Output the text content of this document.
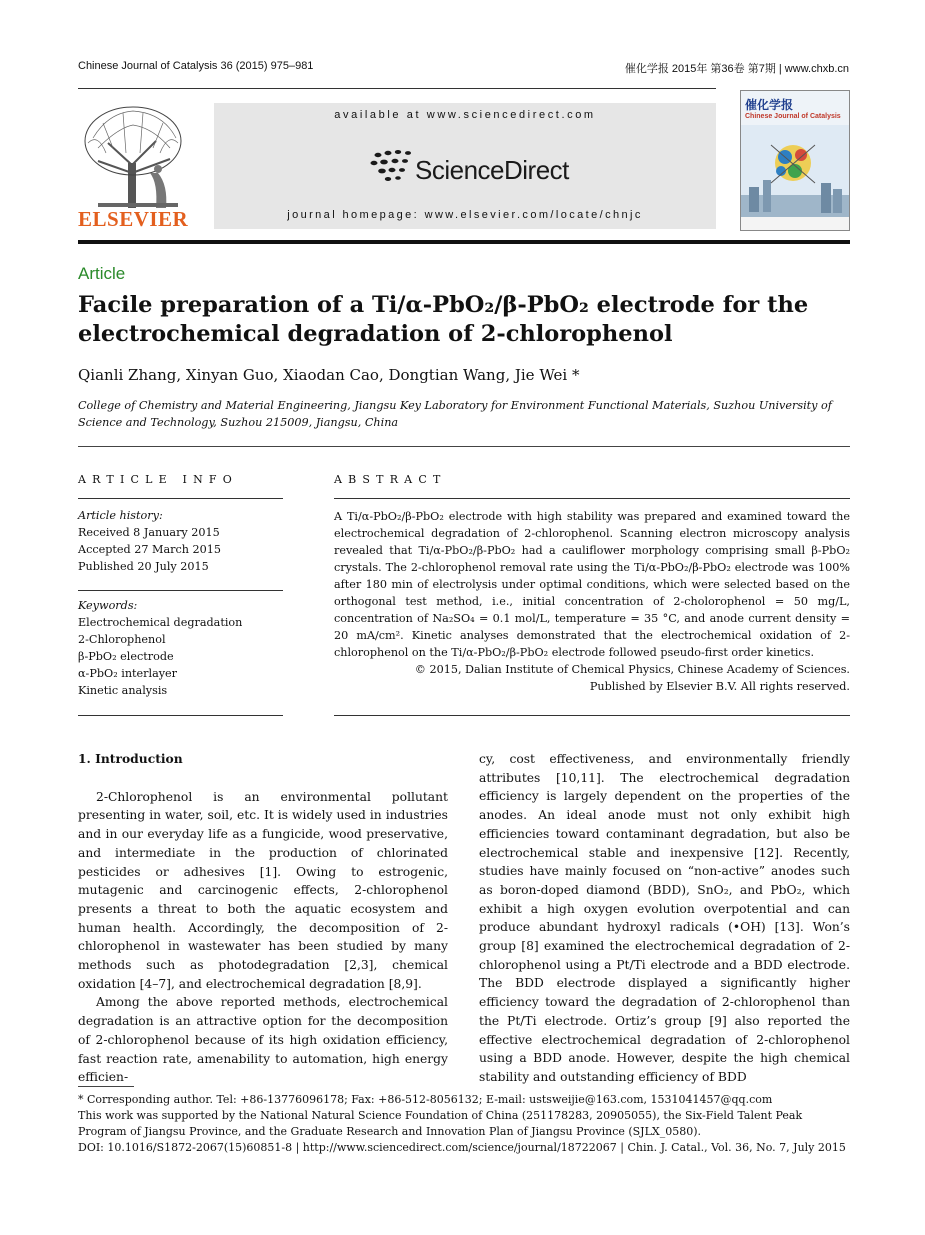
Chinese Journal of Catalysis 36 (2015) 975–981	催化学报 2015年 第36卷 第7期 | www.chxb.cn
ELSEVIER
available at www.sciencedirect.com
ScienceDirect
journal homepage: www.elsevier.com/locate/chnjc
催化学报
Chinese Journal of Catalysis
Article
Facile preparation of a Ti/α-PbO₂/β-PbO₂ electrode for the electrochemical degradation of 2-chlorophenol
Qianli Zhang, Xinyan Guo, Xiaodan Cao, Dongtian Wang, Jie Wei *
College of Chemistry and Material Engineering, Jiangsu Key Laboratory for Environment Functional Materials, Suzhou University of Science and Technology, Suzhou 215009, Jiangsu, China
ARTICLE INFO
Article history:
Received 8 January 2015
Accepted 27 March 2015
Published 20 July 2015
Keywords:
Electrochemical degradation
2-Chlorophenol
β-PbO₂ electrode
α-PbO₂ interlayer
Kinetic analysis
ABSTRACT
A Ti/α-PbO₂/β-PbO₂ electrode with high stability was prepared and examined toward the electrochemical degradation of 2-chlorophenol. Scanning electron microscopy analysis revealed that Ti/α-PbO₂/β-PbO₂ had a cauliflower morphology comprising small β-PbO₂ crystals. The 2-chlorophenol removal rate using the Ti/α-PbO₂/β-PbO₂ electrode was 100% after 180 min of electrolysis under optimal conditions, which were selected based on the orthogonal test method, i.e., initial concentration of 2-cholorophenol = 50 mg/L, concentration of Na₂SO₄ = 0.1 mol/L, temperature = 35 °C, and anode current density = 20 mA/cm². Kinetic analyses demonstrated that the electrochemical oxidation of 2-chlorophenol on the Ti/α-PbO₂/β-PbO₂ electrode followed pseudo-first order kinetics.
© 2015, Dalian Institute of Chemical Physics, Chinese Academy of Sciences.
Published by Elsevier B.V. All rights reserved.

1. Introduction

2-Chlorophenol is an environmental pollutant presenting in water, soil, etc. It is widely used in industries and in our everyday life as a fungicide, wood preservative, and intermediate in the production of chlorinated pesticides or adhesives [1]. Owing to estrogenic, mutagenic and carcinogenic effects, 2-chlorophenol presents a threat to both the aquatic ecosystem and human health. Accordingly, the decomposition of 2-chlorophenol in wastewater has been studied by many methods such as photodegradation [2,3], chemical oxidation [4–7], and electrochemical degradation [8,9].

Among the above reported methods, electrochemical degradation is an attractive option for the decomposition of 2-chlorophenol because of its high oxidation efficiency, fast reaction rate, amenability to automation, high energy efficien-

cy, cost effectiveness, and environmentally friendly attributes [10,11]. The electrochemical degradation efficiency is largely dependent on the properties of the anodes. An ideal anode must not only exhibit high efficiencies toward contaminant degradation, but also be electrochemical stable and inexpensive [12]. Recently, studies have mainly focused on “non-active” anodes such as boron-doped diamond (BDD), SnO₂, and PbO₂, which exhibit a high oxygen evolution overpotential and can produce abundant hydroxyl radicals (•OH) [13]. Won’s group [8] examined the electrochemical degradation of 2-chlorophenol using a Pt/Ti electrode and a BDD electrode. The BDD electrode displayed a significantly higher efficiency toward the degradation of 2-chlorophenol than the Pt/Ti electrode. Ortiz’s group [9] also reported the effective electrochemical degradation of 2-chlorophenol using a BDD anode. However, despite the high chemical stability and outstanding efficiency of BDD

* Corresponding author. Tel: +86-13776096178; Fax: +86-512-8056132; E-mail: ustsweijie@163.com, 1531041457@qq.com
This work was supported by the National Natural Science Foundation of China (251178283, 20905055), the Six-Field Talent Peak Program of Jiangsu Province, and the Graduate Research and Innovation Plan of Jiangsu Province (SJLX_0580).
DOI: 10.1016/S1872-2067(15)60851-8 | http://www.sciencedirect.com/science/journal/18722067 | Chin. J. Catal., Vol. 36, No. 7, July 2015
